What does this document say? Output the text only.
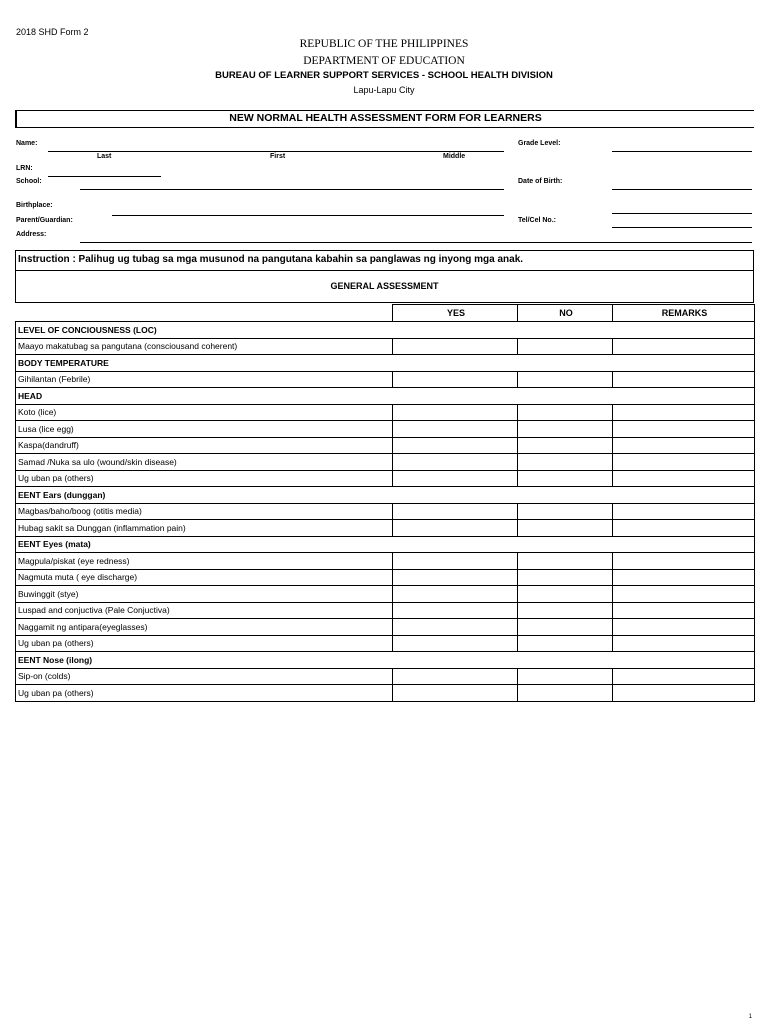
2018 SHD Form 2
REPUBLIC OF THE PHILIPPINES
DEPARTMENT OF EDUCATION
BUREAU OF LEARNER SUPPORT SERVICES - SCHOOL HEALTH DIVISION
Lapu-Lapu City
NEW NORMAL HEALTH ASSESSMENT FORM FOR LEARNERS
Name:
Last	First	Middle
Grade Level:
LRN:
School:	Date of Birth:
Birthplace:
Parent/Guardian:	Tel/Cel No.:
Address:
Instruction : Palihug ug tubag sa mga musunod na pangutana kabahin sa panglawas ng inyong mga anak.
GENERAL ASSESSMENT
	YES	NO	REMARKS
LEVEL OF CONCIOUSNESS (LOC)			
Maayo makatubag sa pangutana (consciousand coherent)			
BODY TEMPERATURE			
Gihilantan (Febrile)			
HEAD			
Koto (lice)			
Lusa (lice egg)			
Kaspa(dandruff)			
Samad /Nuka sa ulo (wound/skin disease)			
Ug uban pa (others)			
EENT Ears (dunggan)			
Magbas/baho/boog (otitis media)			
Hubag sakit sa Dunggan (inflammation pain)			
EENT Eyes (mata)			
Magpula/piskat (eye redness)			
Nagmuta muta ( eye discharge)			
Buwinggit (stye)			
Luspad and conjuctiva (Pale Conjuctiva)			
Naggamit ng antipara(eyeglasses)			
Ug uban pa (others)			
EENT Nose (ilong)			
Sip-on (colds)			
Ug uban pa (others)			
1
